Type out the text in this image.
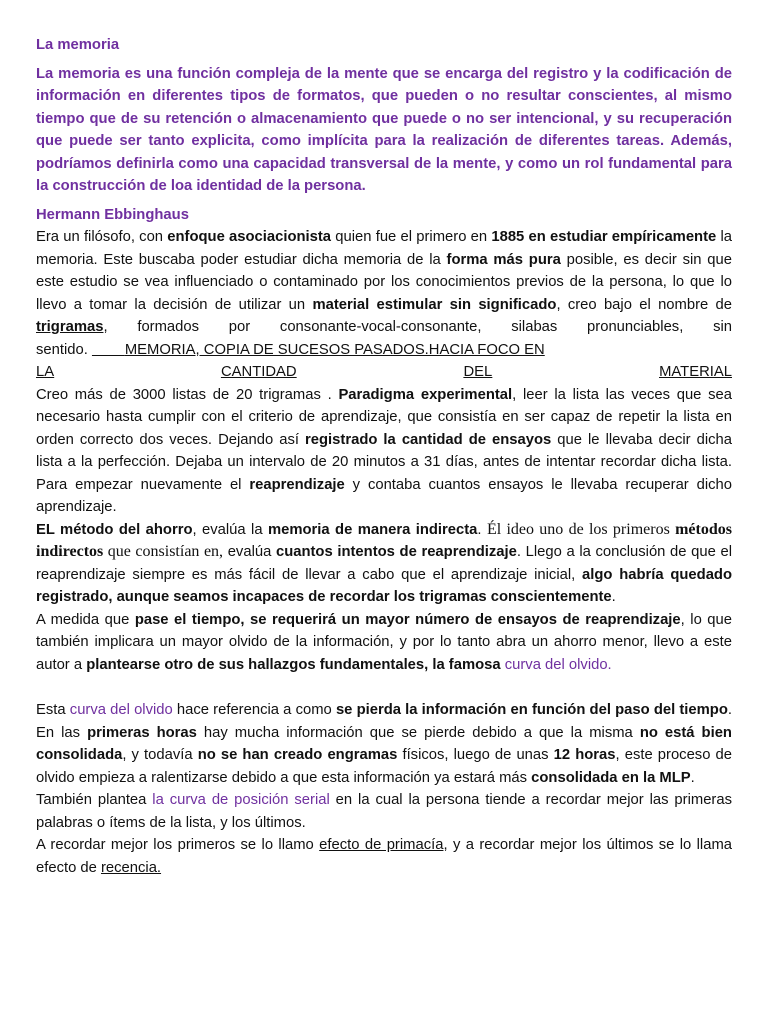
La memoria

La memoria es una función compleja de la mente que se encarga del registro y la codificación de información en diferentes tipos de formatos, que pueden o no resultar conscientes, al mismo tiempo que de su retención o almacenamiento que puede o no ser intencional, y su recuperación que puede ser tanto explicita, como implícita para la realización de diferentes tareas. Además, podríamos definirla como una capacidad transversal de la mente, y como un rol fundamental para la construcción de loa identidad de la persona.

Hermann Ebbinghaus

Era un filósofo, con enfoque asociacionista quien fue el primero en 1885 en estudiar empíricamente la memoria. Este buscaba poder estudiar dicha memoria de la forma más pura posible, es decir sin que este estudio se vea influenciado o contaminado por los conocimientos previos de la persona, lo que lo llevo a tomar la decisión de utilizar un material estimular sin significado, creo bajo el nombre de trigramas, formados por consonante-vocal-consonante, silabas pronunciables, sin sentido.	MEMORIA, COPIA DE SUCESOS PASADOS.HACIA FOCO EN

LA	CANTIDAD	DEL	MATERIAL

Creo más de 3000 listas de 20 trigramas . Paradigma experimental, leer la lista las veces que sea necesario hasta cumplir con el criterio de aprendizaje, que consistía en ser capaz de repetir la lista en orden correcto dos veces. Dejando así registrado la cantidad de ensayos que le llevaba decir dicha lista a la perfección. Dejaba un intervalo de 20 minutos a 31 días, antes de intentar recordar dicha lista. Para empezar nuevamente el reaprendizaje y contaba cuantos ensayos le llevaba recuperar dicho aprendizaje.

EL método del ahorro, evalúa la memoria de manera indirecta. Él ideo uno de los primeros métodos indirectos que consistían en, evalúa cuantos intentos de reaprendizaje. Llego a la conclusión de que el reaprendizaje siempre es más fácil de llevar a cabo que el aprendizaje inicial, algo habría quedado registrado, aunque seamos incapaces de recordar los trigramas conscientemente.

A medida que pase el tiempo, se requerirá un mayor número de ensayos de reaprendizaje, lo que también implicara un mayor olvido de la información, y por lo tanto abra un ahorro menor, llevo a este autor a plantearse otro de sus hallazgos fundamentales, la famosa curva del olvido.

Esta curva del olvido hace referencia a como se pierda la información en función del paso del tiempo. En las primeras horas hay mucha información que se pierde debido a que la misma no está bien consolidada, y todavía no se han creado engramas físicos, luego de unas 12 horas, este proceso de olvido empieza a ralentizarse debido a que esta información ya estará más consolidada en la MLP.

También plantea la curva de posición serial en la cual la persona tiende a recordar mejor las primeras palabras o ítems de la lista, y los últimos.

A recordar mejor los primeros se lo llamo efecto de primacía, y a recordar mejor los últimos se lo llama efecto de recencia.
